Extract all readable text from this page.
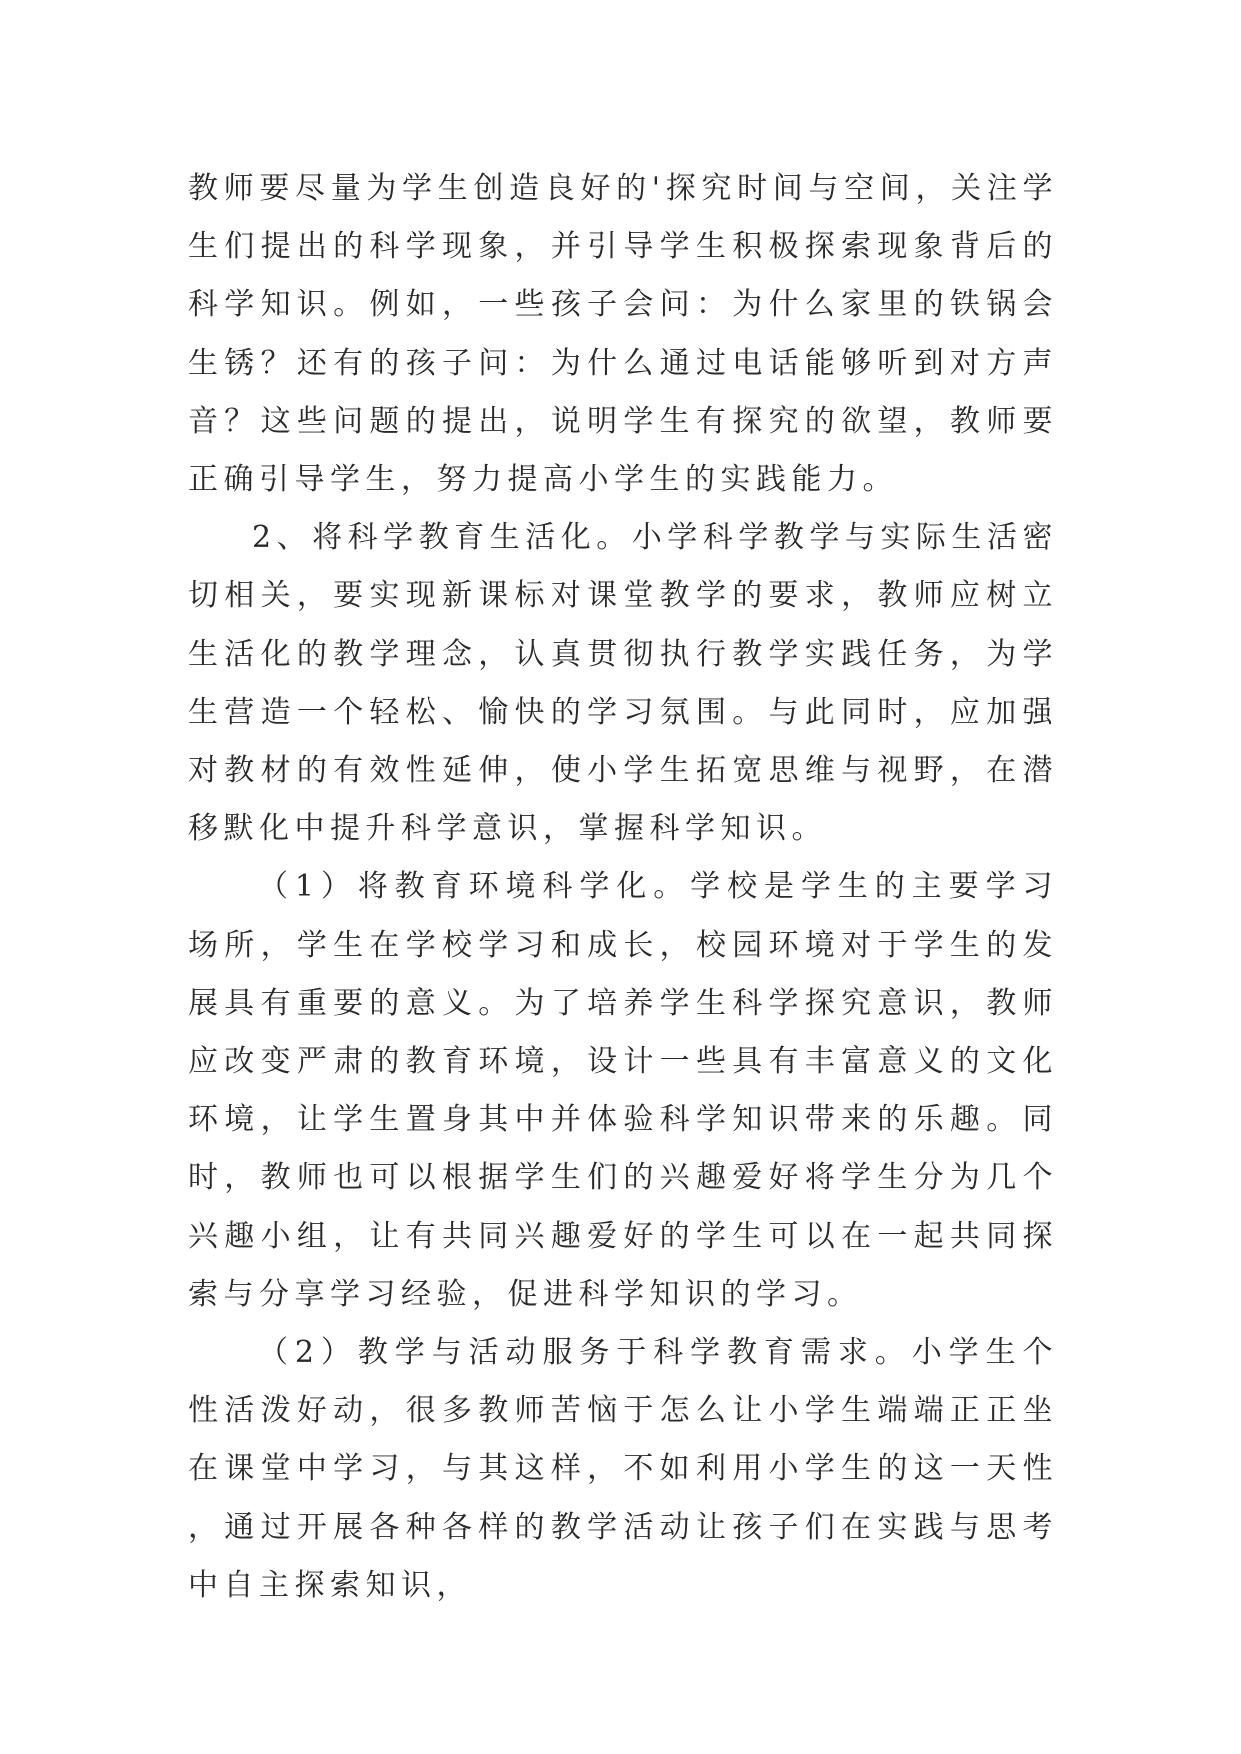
教师要尽量为学生创造良好的'探究时间与空间，关注学生们提出的科学现象，并引导学生积极探索现象背后的科学知识。例如，一些孩子会问：为什么家里的铁锅会生锈？还有的孩子问：为什么通过电话能够听到对方声音？这些问题的提出，说明学生有探究的欲望，教师要正确引导学生，努力提高小学生的实践能力。

2、将科学教育生活化。小学科学教学与实际生活密切相关，要实现新课标对课堂教学的要求，教师应树立生活化的教学理念，认真贯彻执行教学实践任务，为学生营造一个轻松、愉快的学习氛围。与此同时，应加强对教材的有效性延伸，使小学生拓宽思维与视野，在潜移默化中提升科学意识，掌握科学知识。

（1）将教育环境科学化。学校是学生的主要学习场所，学生在学校学习和成长，校园环境对于学生的发展具有重要的意义。为了培养学生科学探究意识，教师应改变严肃的教育环境，设计一些具有丰富意义的文化环境，让学生置身其中并体验科学知识带来的乐趣。同时，教师也可以根据学生们的兴趣爱好将学生分为几个兴趣小组，让有共同兴趣爱好的学生可以在一起共同探索与分享学习经验，促进科学知识的学习。

（2）教学与活动服务于科学教育需求。小学生个性活泼好动，很多教师苦恼于怎么让小学生端端正正坐在课堂中学习，与其这样，不如利用小学生的这一天性，通过开展各种各样的教学活动让孩子们在实践与思考中自主探索知识，
